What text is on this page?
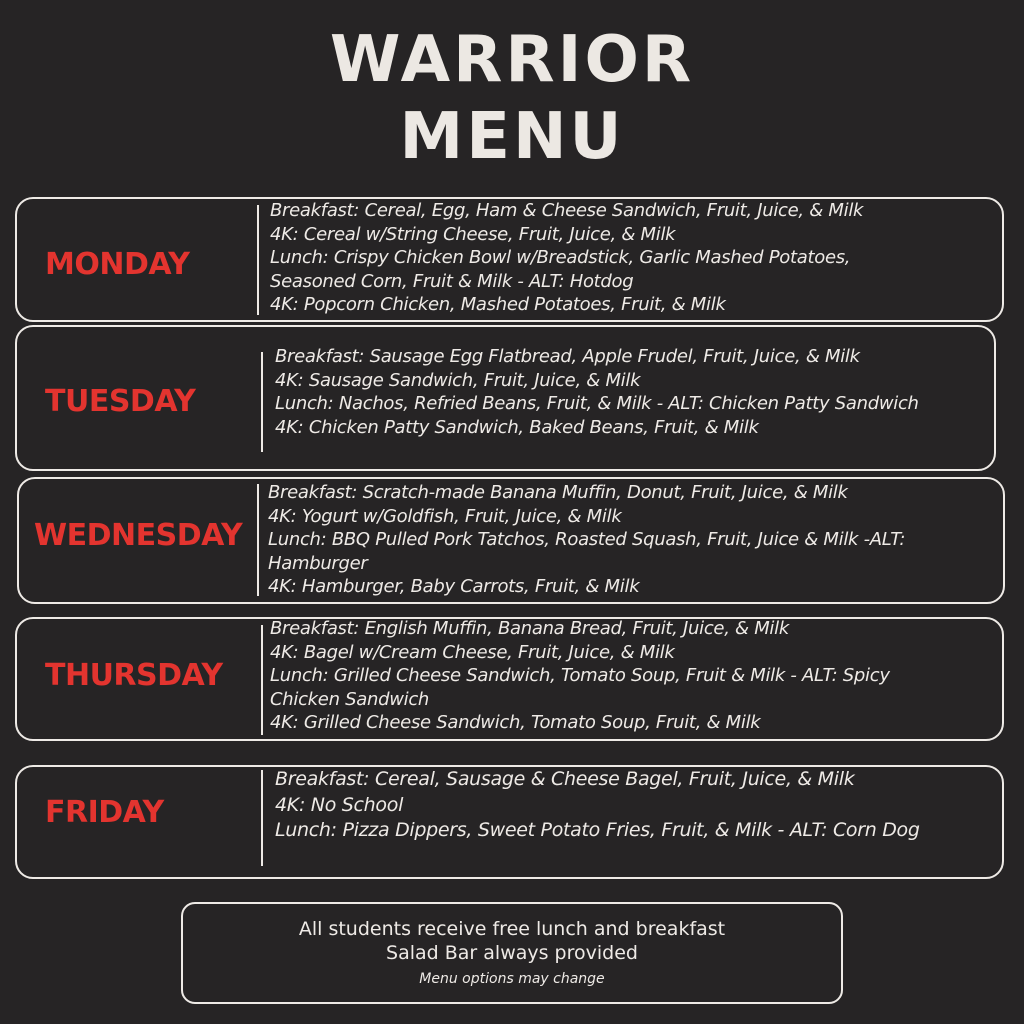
WARRIOR
MENU
MONDAY
Breakfast: Cereal, Egg, Ham & Cheese Sandwich, Fruit, Juice, & Milk
4K: Cereal w/String Cheese, Fruit, Juice, & Milk
Lunch: Crispy Chicken Bowl w/Breadstick, Garlic Mashed Potatoes,
Seasoned Corn, Fruit & Milk - ALT: Hotdog
4K: Popcorn Chicken, Mashed Potatoes, Fruit, & Milk
TUESDAY
Breakfast: Sausage Egg Flatbread, Apple Frudel, Fruit, Juice, & Milk
4K: Sausage Sandwich, Fruit, Juice, & Milk
Lunch: Nachos, Refried Beans, Fruit, & Milk - ALT: Chicken Patty Sandwich
4K: Chicken Patty Sandwich, Baked Beans, Fruit, & Milk
WEDNESDAY
Breakfast: Scratch-made Banana Muffin, Donut, Fruit, Juice, & Milk
4K: Yogurt w/Goldfish, Fruit, Juice, & Milk
Lunch: BBQ Pulled Pork Tatchos, Roasted Squash, Fruit, Juice & Milk -ALT:
Hamburger
4K: Hamburger, Baby Carrots, Fruit, & Milk
THURSDAY
Breakfast: English Muffin, Banana Bread, Fruit, Juice, & Milk
4K: Bagel w/Cream Cheese, Fruit, Juice, & Milk
Lunch: Grilled Cheese Sandwich, Tomato Soup, Fruit & Milk - ALT: Spicy
Chicken Sandwich
4K: Grilled Cheese Sandwich, Tomato Soup, Fruit, & Milk
FRIDAY
Breakfast: Cereal, Sausage & Cheese Bagel, Fruit, Juice, & Milk
4K: No School
Lunch: Pizza Dippers, Sweet Potato Fries, Fruit, & Milk - ALT: Corn Dog
All students receive free lunch and breakfast
Salad Bar always provided
Menu options may change
